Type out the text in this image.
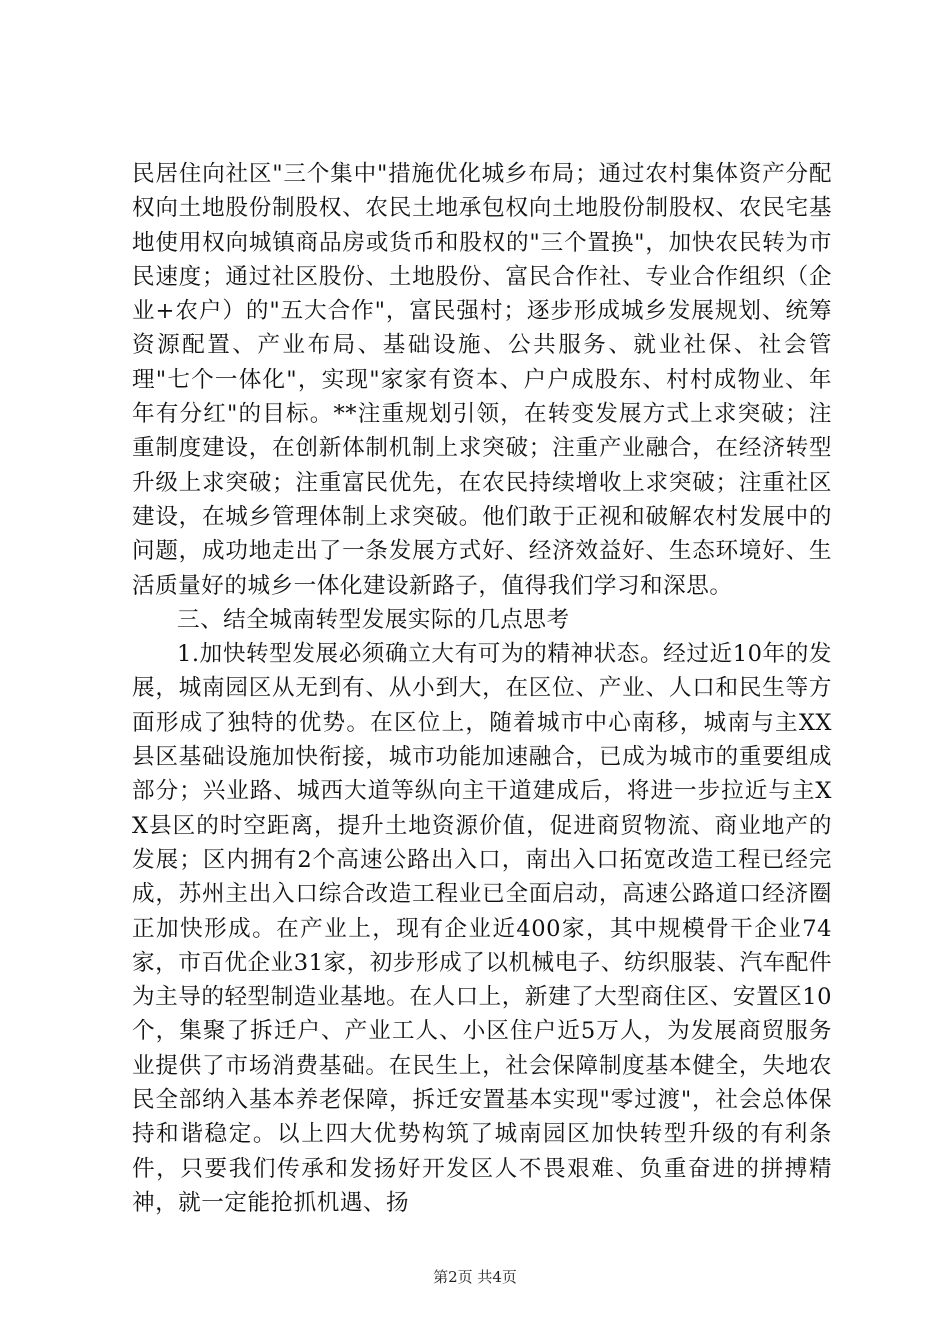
民居住向社区"三个集中"措施优化城乡布局；通过农村集体资产分配权向土地股份制股权、农民土地承包权向土地股份制股权、农民宅基地使用权向城镇商品房或货币和股权的"三个置换"，加快农民转为市民速度；通过社区股份、土地股份、富民合作社、专业合作组织（企业+农户）的"五大合作"，富民强村；逐步形成城乡发展规划、统筹资源配置、产业布局、基础设施、公共服务、就业社保、社会管理"七个一体化"，实现"家家有资本、户户成股东、村村成物业、年年有分红"的目标。**注重规划引领，在转变发展方式上求突破；注重制度建设，在创新体制机制上求突破；注重产业融合，在经济转型升级上求突破；注重富民优先，在农民持续增收上求突破；注重社区建设，在城乡管理体制上求突破。他们敢于正视和破解农村发展中的问题，成功地走出了一条发展方式好、经济效益好、生态环境好、生活质量好的城乡一体化建设新路子，值得我们学习和深思。

三、结全城南转型发展实际的几点思考

1.加快转型发展必须确立大有可为的精神状态。经过近10年的发展，城南园区从无到有、从小到大，在区位、产业、人口和民生等方面形成了独特的优势。在区位上，随着城市中心南移，城南与主XX县区基础设施加快衔接，城市功能加速融合，已成为城市的重要组成部分；兴业路、城西大道等纵向主干道建成后，将进一步拉近与主XX县区的时空距离，提升土地资源价值，促进商贸物流、商业地产的发展；区内拥有2个高速公路出入口，南出入口拓宽改造工程已经完成，苏州主出入口综合改造工程业已全面启动，高速公路道口经济圈正加快形成。在产业上，现有企业近400家，其中规模骨干企业74家，市百优企业31家，初步形成了以机械电子、纺织服装、汽车配件为主导的轻型制造业基地。在人口上，新建了大型商住区、安置区10个，集聚了拆迁户、产业工人、小区住户近5万人，为发展商贸服务业提供了市场消费基础。在民生上，社会保障制度基本健全，失地农民全部纳入基本养老保障，拆迁安置基本实现"零过渡"，社会总体保持和谐稳定。以上四大优势构筑了城南园区加快转型升级的有利条件，只要我们传承和发扬好开发区人不畏艰难、负重奋进的拼搏精神，就一定能抢抓机遇、扬

第2页 共4页
